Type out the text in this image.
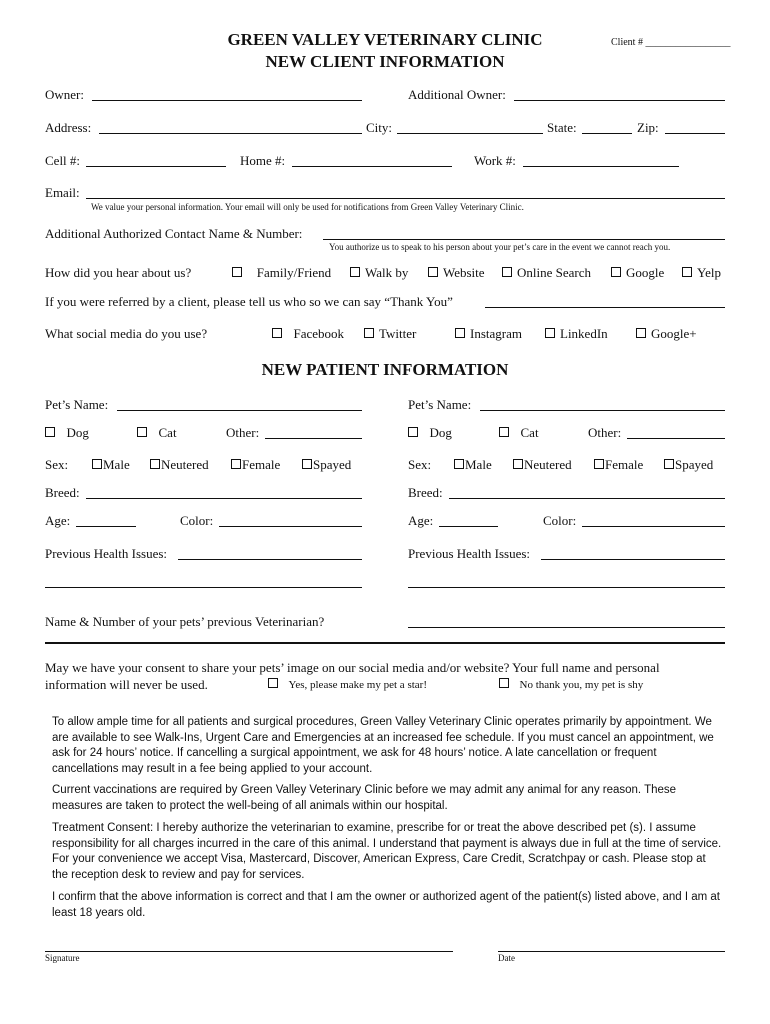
GREEN VALLEY VETERINARY CLINIC
NEW CLIENT INFORMATION
Client # _________________
Owner:	Additional Owner:
Address:	City:	State:	Zip:
Cell #:	Home #:	Work #:
Email:
We value your personal information. Your email will only be used for notifications from Green Valley Veterinary Clinic.
Additional Authorized Contact Name & Number:
You authorize us to speak to his person about your pet’s care in the event we cannot reach you.
How did you hear about us?	Family/Friend	Walk by	Website	Online Search	Google	Yelp
If you were referred by a client, please tell us who so we can say “Thank You”
What social media do you use?	Facebook	Twitter	Instagram	LinkedIn	Google+
NEW PATIENT INFORMATION
Pet’s Name:
Dog	Cat	Other:
Sex:	Male	Neutered	Female	Spayed
Breed:
Age:	Color:
Previous Health Issues:
Pet’s Name:
Dog	Cat	Other:
Sex:	Male	Neutered	Female	Spayed
Breed:
Age:	Color:
Previous Health Issues:
Name & Number of your pets’ previous Veterinarian?
May we have your consent to share your pets’ image on our social media and/or website? Your full name and personal
information will never be used.	Yes, please make my pet a star!	No thank you, my pet is shy
To allow ample time for all patients and surgical procedures, Green Valley Veterinary Clinic operates primarily by appointment. We are available to see Walk-Ins, Urgent Care and Emergencies at an increased fee schedule. If you must cancel an appointment, we ask for 24 hours’ notice. If cancelling a surgical appointment, we ask for 48 hours’ notice. A late cancellation or frequent cancellations may result in a fee being applied to your account.
Current vaccinations are required by Green Valley Veterinary Clinic before we may admit any animal for any reason. These measures are taken to protect the well-being of all animals within our hospital.
Treatment Consent: I hereby authorize the veterinarian to examine, prescribe for or treat the above described pet (s). I assume responsibility for all charges incurred in the care of this animal. I understand that payment is always due in full at the time of service. For your convenience we accept Visa, Mastercard, Discover, American Express, Care Credit, Scratchpay or cash. Please stop at the reception desk to review and pay for services.
I confirm that the above information is correct and that I am the owner or authorized agent of the patient(s) listed above, and I am at least 18 years old.
Signature	Date
